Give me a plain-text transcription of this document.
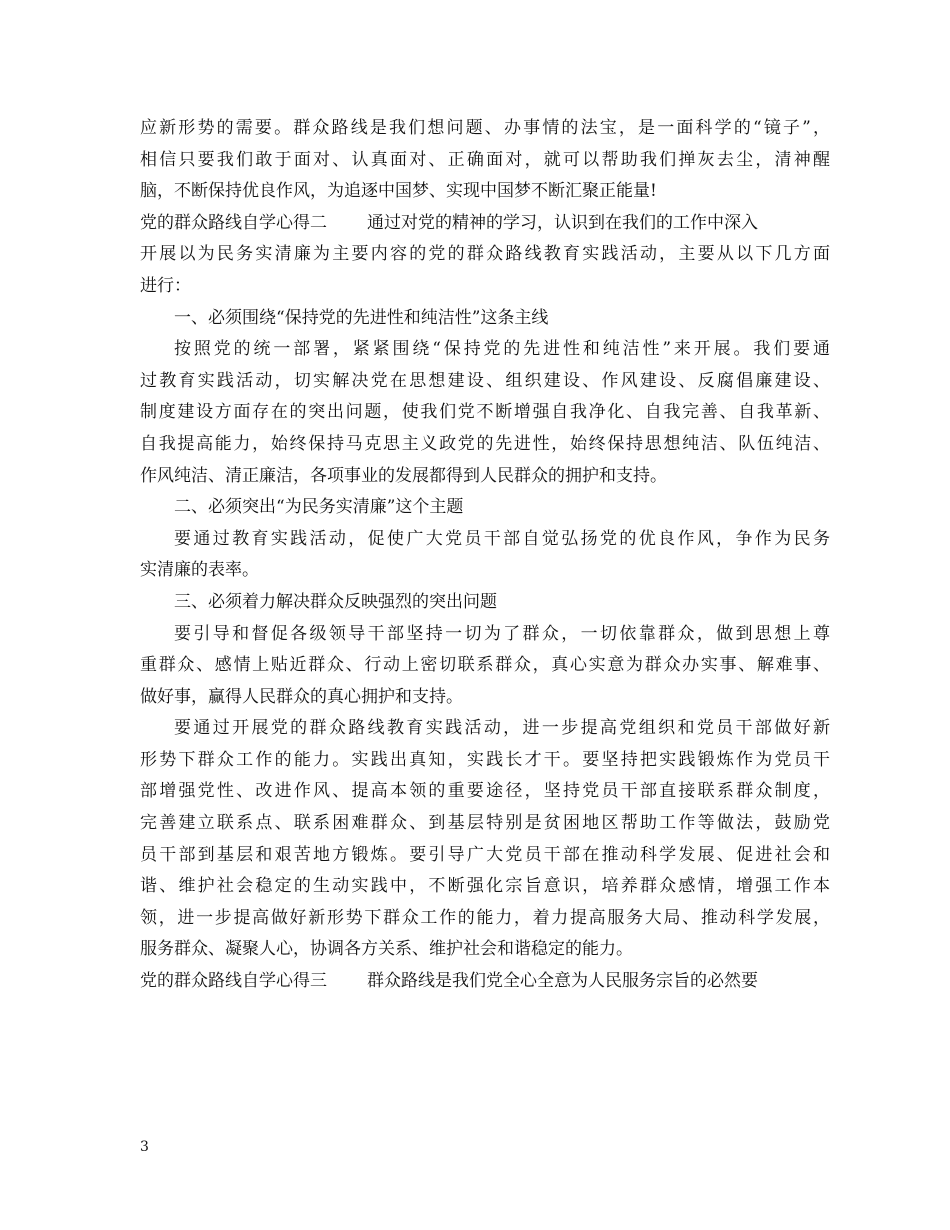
应新形势的需要。群众路线是我们想问题、办事情的法宝，是一面科学的“镜子”，
相信只要我们敢于面对、认真面对、正确面对，就可以帮助我们掸灰去尘，清神醒
脑，不断保持优良作风，为追逐中国梦、实现中国梦不断汇聚正能量!
党的群众路线自学心得二 通过对党的精神的学习，认识到在我们的工作中深入
开展以为民务实清廉为主要内容的党的群众路线教育实践活动，主要从以下几方面
进行：
一、必须围绕“保持党的先进性和纯洁性”这条主线
按照党的统一部署，紧紧围绕“保持党的先进性和纯洁性”来开展。我们要通
过教育实践活动，切实解决党在思想建设、组织建设、作风建设、反腐倡廉建设、
制度建设方面存在的突出问题，使我们党不断增强自我净化、自我完善、自我革新、
自我提高能力，始终保持马克思主义政党的先进性，始终保持思想纯洁、队伍纯洁、
作风纯洁、清正廉洁，各项事业的发展都得到人民群众的拥护和支持。
二、必须突出“为民务实清廉”这个主题
要通过教育实践活动，促使广大党员干部自觉弘扬党的优良作风，争作为民务
实清廉的表率。
三、必须着力解决群众反映强烈的突出问题
要引导和督促各级领导干部坚持一切为了群众，一切依靠群众，做到思想上尊
重群众、感情上贴近群众、行动上密切联系群众，真心实意为群众办实事、解难事、
做好事，赢得人民群众的真心拥护和支持。
要通过开展党的群众路线教育实践活动，进一步提高党组织和党员干部做好新
形势下群众工作的能力。实践出真知，实践长才干。要坚持把实践锻炼作为党员干
部增强党性、改进作风、提高本领的重要途径，坚持党员干部直接联系群众制度，
完善建立联系点、联系困难群众、到基层特别是贫困地区帮助工作等做法，鼓励党
员干部到基层和艰苦地方锻炼。要引导广大党员干部在推动科学发展、促进社会和
谐、维护社会稳定的生动实践中，不断强化宗旨意识，培养群众感情，增强工作本
领，进一步提高做好新形势下群众工作的能力，着力提高服务大局、推动科学发展，
服务群众、凝聚人心，协调各方关系、维护社会和谐稳定的能力。
党的群众路线自学心得三 群众路线是我们党全心全意为人民服务宗旨的必然要
3
